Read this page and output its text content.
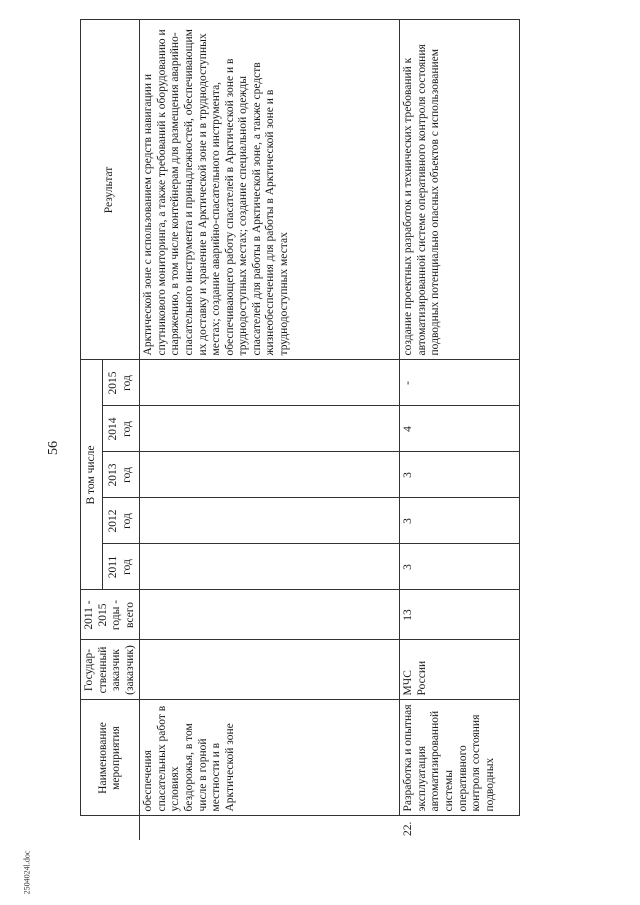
56
2504024l.doc
	Наименование мероприятия	Государ-ственный заказчик (заказчик)	2011 - 2015 годы - всего	В том числе					Результат
				2011 год	2012 год	2013 год	2014 год	2015 год	
	обеспечения спасательных работ в условиях бездорожья, в том числе в горной местности и в Арктической зоне								Арктической зоне с использованием средств навигации и спутникового мониторинга, а также требований к оборудованию и снаряжению, в том числе контейнерам для размещения аварийно-спасательного инструмента и принадлежностей, обеспечивающим их доставку и хранение в Арктической зоне и в труднодоступных местах; создание аварийно-спасательного инструмента, обеспечивающего работу спасателей в Арктической зоне и в труднодоступных местах; создание специальной одежды спасателей для работы в Арктической зоне, а также средств жизнеобеспечения для работы в Арктической зоне и в труднодоступных местах
22.	Разработка и опытная эксплуатация автоматизированной системы оперативного контроля состояния подводных	МЧС России	13	3	3	3	4	-	создание проектных разработок и технических требований к автоматизированной системе оперативного контроля состояния подводных потенциально опасных объектов с использованием
